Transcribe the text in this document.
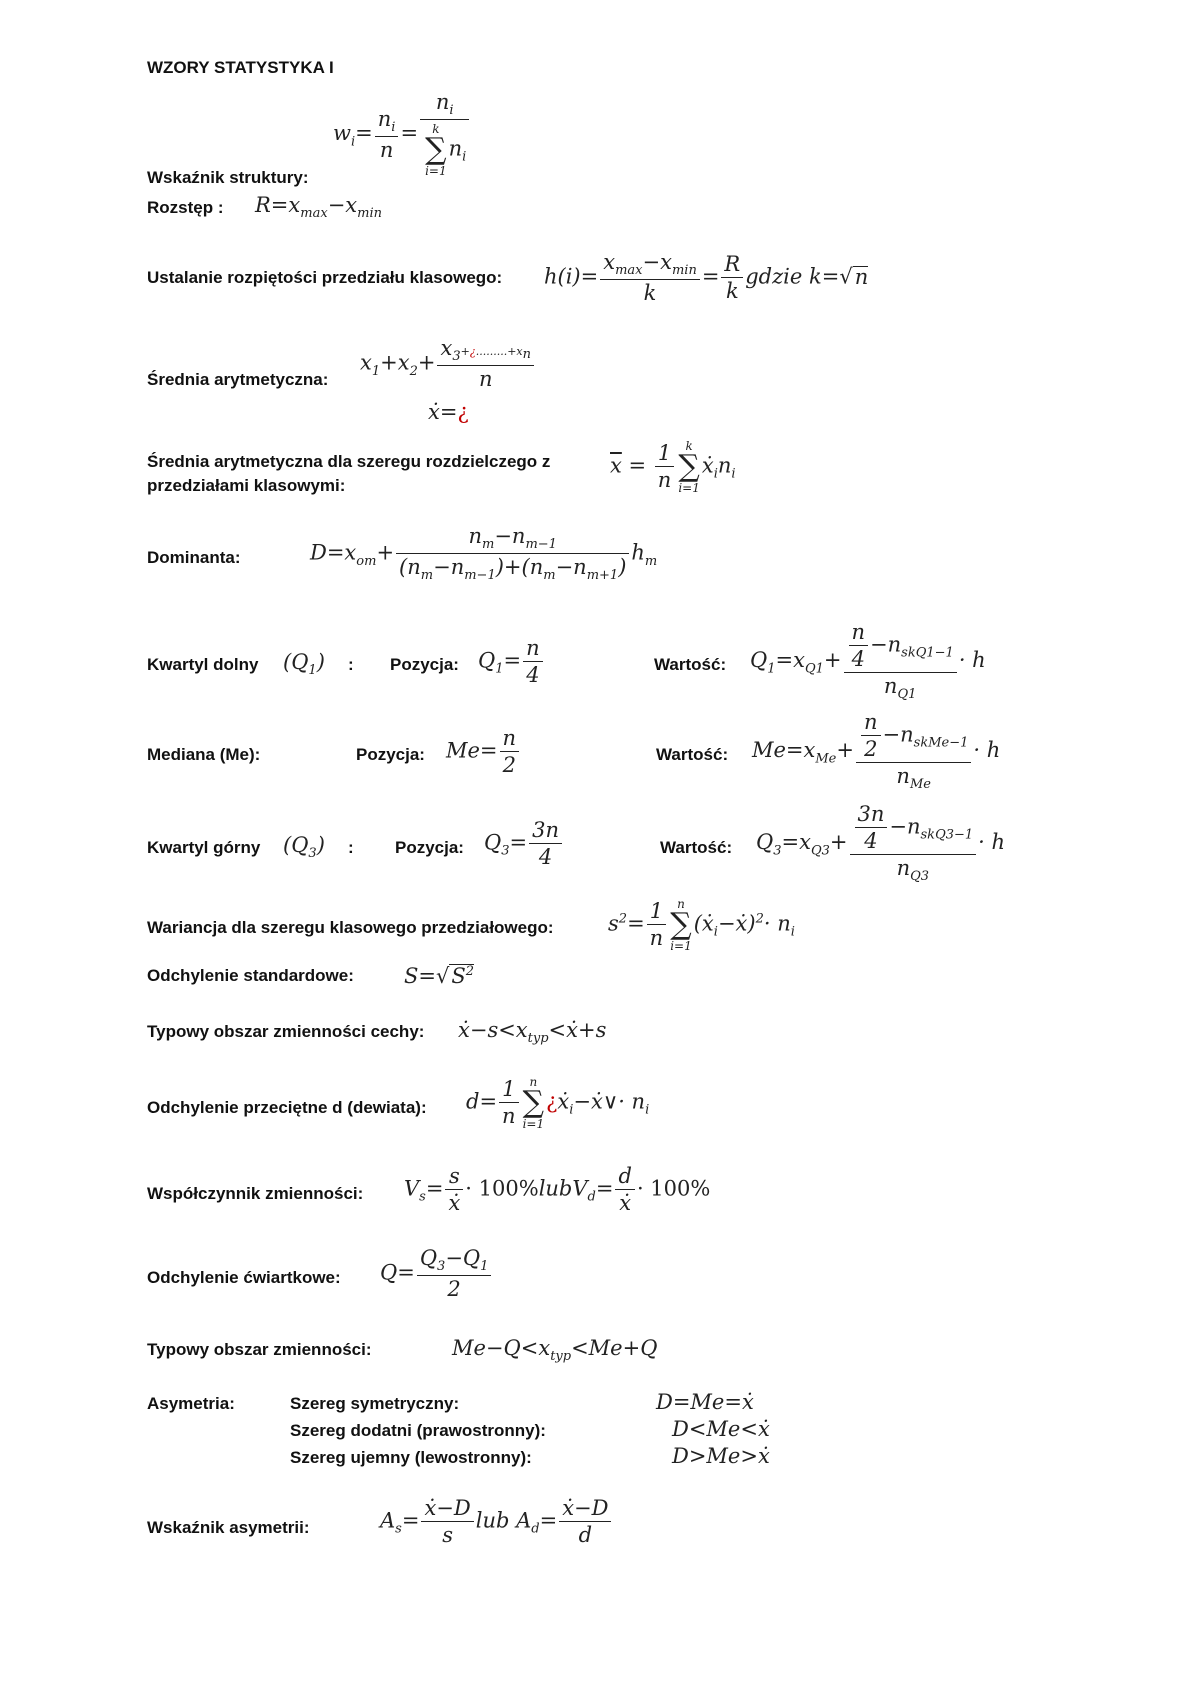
WZORY STATYSTYKA I
Wskaźnik struktury:
$w_i= \frac{n_i}{n} = n_i$
k
∑
i=1
$n_i$
Rozstęp : $R=x_{max}-x_{min}$
Ustalanie rozpiętości przedziału klasowego: $h(i)= \frac{x_{max}-x_{min}}{k} = \frac{R}{k}$ gdzie k=√n
Średnia arytmetyczna:
$x_1+x_2+ \frac{x_3+¿.........+x_n}{n}$
ẋ=¿
Średnia arytmetyczna dla szeregu rozdzielczego z
przedziałami klasowymi:
$\overline{x} = \frac{1}{n}$ k
∑
i=1
$ẋ_in_i$
Dominanta:	$D=x_{om}+ \frac{n_m-n_{m-1}}{(n_m-n_{m-1})+(n_m-n_{m+1})} h_m$
Kwartyl dolny $(Q_1)$ : Pozycja: $Q_1= \frac{n}{4}$	Wartość: $Q_1=x_{Q1}+ \frac{\frac{n}{4} -n_{skQ1-1}}{n_{Q1}} \cdot h$
Mediana (Me):	Pozycja: $Me= \frac{n}{2}$	Wartość: $Me=x_{Me}+ \frac{\frac{n}{2} -n_{skMe-1}}{n_{Me}} \cdot h$
Kwartyl górny $(Q_3)$ : Pozycja: $Q_3= \frac{3n}{4}$	Wartość: $Q_3=x_{Q3}+ \frac{\frac{3n}{4} -n_{skQ3-1}}{n_{Q3}} \cdot h$
Wariancja dla szeregu klasowego przedziałowego:	$s^2= \frac{1}{n}$ n
∑
i=1
(ẋ$_i$−ẋ)$^2$· $n_i$
Odchylenie standardowe: $S=√S^2$
Typowy obszar zmienności cechy: $ẋ-s<x_{typ}<ẋ+s$
Odchylenie przeciętne d (dewiata): $d= \frac{1}{n}$ n
∑
i=1
¿ẋ$_i$−ẋ∨· $n_i$
Współczynnik zmienności: $V_s= \frac{s}{\text{ẋ}}$ · 100%lubV$_d$= $\frac{d}{\text{ẋ}} \cdot 100\%$
Odchylenie ćwiartkowe: $Q= \frac{Q_3-Q_1}{2}$
Typowy obszar zmienności:	$Me-Q<x_{typ}<Me+Q$
Asymetria:	Szereg symetryczny:	D=Me=ẋ
Szereg dodatni (prawostronny):	D<Me<ẋ
Szereg ujemny (lewostronny):	D>Me>ẋ
Wskaźnik asymetrii:	$A_s= \frac{\text{ẋ−D}}{s}$ lub $A_d= \frac{\text{ẋ−D}}{d}$
